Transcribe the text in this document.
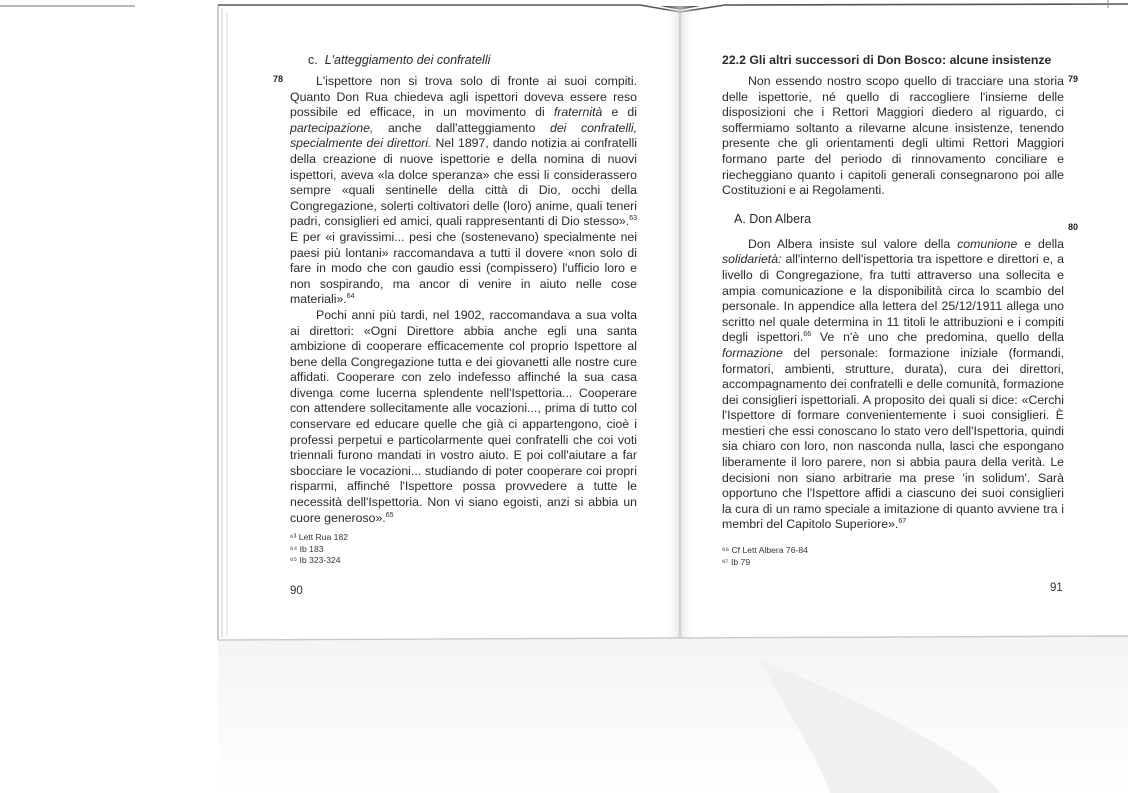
c. L'atteggiamento dei confratelli

L'ispettore non si trova solo di fronte ai suoi compiti. Quanto Don Rua chiedeva agli ispettori doveva essere reso possibile ed efficace, in un movimento di fraternità e di partecipazione, anche dall'atteggiamento dei confratelli, specialmente dei direttori. Nel 1897, dando notizia ai confratelli della creazione di nuove ispettorie e della nomina di nuovi ispettori, aveva «la dolce speranza» che essi li considerassero sempre «quali sentinelle della città di Dio, occhi della Congregazione, solerti coltivatori delle (loro) anime, quali teneri padri, consiglieri ed amici, quali rappresentanti di Dio stesso».$^{63}$ E per «i gravissimi... pesi che (sostenevano) specialmente nei paesi più lontani» raccomandava a tutti il dovere «non solo di fare in modo che con gaudio essi (compissero) l'ufficio loro e non sospirando, ma ancor di venire in aiuto nelle cose materiali».$^{64}$

Pochi anni più tardi, nel 1902, raccomandava a sua volta ai direttori: «Ogni Direttore abbia anche egli una santa ambizione di cooperare efficacemente col proprio Ispettore al bene della Congregazione tutta e dei giovanetti alle nostre cure affidati. Cooperare con zelo indefesso affinché la sua casa divenga come lucerna splendente nell'Ispettoria... Cooperare con attendere sollecitamente alle vocazioni..., prima di tutto col conservare ed educare quelle che già ci appartengono, cioè i professi perpetui e particolarmente quei confratelli che coi voti triennali furono mandati in vostro aiuto. E poi coll'aiutare a far sbocciare le vocazioni... studiando di poter cooperare coi propri risparmi, affinché l'Ispettore possa provvedere a tutte le necessità dell'Ispettoria. Non vi siano egoisti, anzi si abbia un cuore generoso».$^{65}$

78
⁶³ Lett Rua 182
⁶⁴ Ib 183
⁶⁵ Ib 323-324
90

22.2 Gli altri successori di Don Bosco: alcune insistenze

Non essendo nostro scopo quello di tracciare una storia delle ispettorie, né quello di raccogliere l'insieme delle disposizioni che i Rettori Maggiori diedero al riguardo, ci soffermiamo soltanto a rilevarne alcune insistenze, tenendo presente che gli orientamenti degli ultimi Rettori Maggiori formano parte del periodo di rinnovamento conciliare e riecheggiano quanto i capitoli generali consegnarono poi alle Costituzioni e ai Regolamenti.

A. Don Albera

Don Albera insiste sul valore della comunione e della solidarietà: all'interno dell'ispettoria tra ispettore e direttori e, a livello di Congregazione, fra tutti attraverso una sollecita e ampia comunicazione e la disponibilità circa lo scambio del personale. In appendice alla lettera del 25/12/1911 allega uno scritto nel quale determina in 11 titoli le attribuzioni e i compiti degli ispettori.$^{66}$ Ve n'è uno che predomina, quello della formazione del personale: formazione iniziale (formandi, formatori, ambienti, strutture, durata), cura dei direttori, accompagnamento dei confratelli e delle comunità, formazione dei consiglieri ispettoriali. A proposito dei quali si dice: «Cerchi l'Ispettore di formare convenientemente i suoi consiglieri. È mestieri che essi conoscano lo stato vero dell'Ispettoria, quindi sia chiaro con loro, non nasconda nulla, lasci che espongano liberamente il loro parere, non si abbia paura della verità. Le decisioni non siano arbitrarie ma prese 'in solidum'. Sarà opportuno che l'Ispettore affidi a ciascuno dei suoi consiglieri la cura di un ramo speciale a imitazione di quanto avviene tra i membri del Capitolo Superiore».$^{67}$

79
80
⁶⁶ Cf Lett Albera 76-84
⁶⁷ Ib 79
91
